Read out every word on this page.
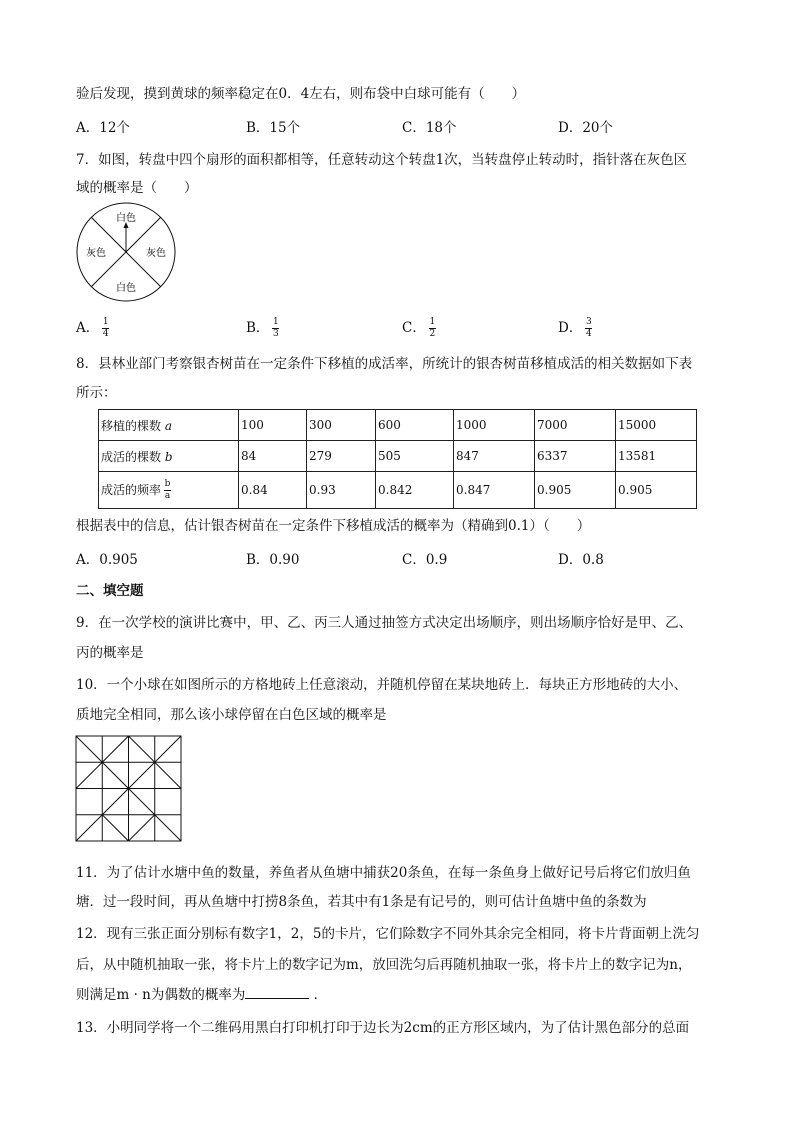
验后发现，摸到黄球的频率稳定在0．4左右，则布袋中白球可能有（　　）
A．12个	B．15个	C．18个	D．20个
7．如图，转盘中四个扇形的面积都相等，任意转动这个转盘1次，当转盘停止转动时，指针落在灰色区
域的概率是（　　）
白色
灰色	灰色
白色
A． $\frac{1}{4}$	B． $\frac{1}{3}$	C． $\frac{1}{2}$	D． $\frac{3}{4}$
8．县林业部门考察银杏树苗在一定条件下移植的成活率，所统计的银杏树苗移植成活的相关数据如下表
所示：
移植的棵数 a	100	300	600	1000	7000	15000
成活的棵数 b	84	279	505	847	6337	13581
成活的频率 $\frac{b}{a}$	0.84	0.93	0.842	0.847	0.905	0.905
根据表中的信息，估计银杏树苗在一定条件下移植成活的概率为（精确到0.1）（　　）
A．0.905	B．0.90	C．0.9	D．0.8
二、填空题
9．在一次学校的演讲比赛中，甲、乙、丙三人通过抽签方式决定出场顺序，则出场顺序恰好是甲、乙、
丙的概率是
10．一个小球在如图所示的方格地砖上任意滚动，并随机停留在某块地砖上．每块正方形地砖的大小、
质地完全相同，那么该小球停留在白色区域的概率是
11．为了估计水塘中鱼的数量，养鱼者从鱼塘中捕获20条鱼，在每一条鱼身上做好记号后将它们放归鱼
塘．过一段时间，再从鱼塘中打捞8条鱼，若其中有1条是有记号的，则可估计鱼塘中鱼的条数为
12．现有三张正面分别标有数字1，2，5的卡片，它们除数字不同外其余完全相同，将卡片背面朝上洗匀
后，从中随机抽取一张，将卡片上的数字记为m，放回洗匀后再随机抽取一张，将卡片上的数字记为n，
则满足m · n为偶数的概率为	．
13．小明同学将一个二维码用黑白打印机打印于边长为2cm的正方形区域内，为了估计黑色部分的总面
